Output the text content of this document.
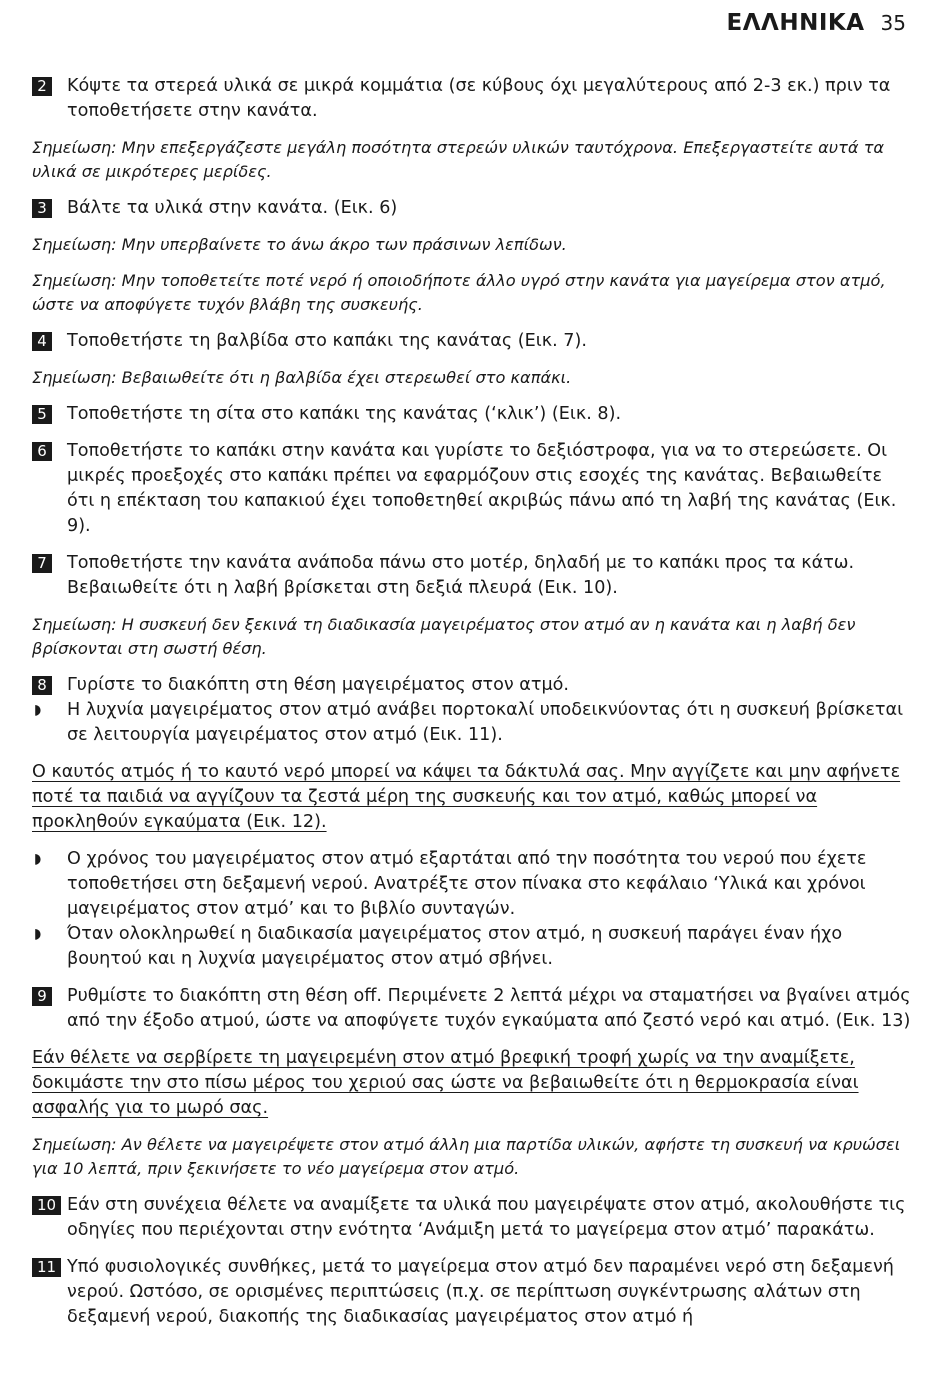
ΕΛΛΗΝΙΚΑ 35
2 Κόψτε τα στερεά υλικά σε μικρά κομμάτια (σε κύβους όχι μεγαλύτερους από 2-3 εκ.) πριν τα τοποθετήσετε στην κανάτα.
Σημείωση: Μην επεξεργάζεστε μεγάλη ποσότητα στερεών υλικών ταυτόχρονα. Επεξεργαστείτε αυτά τα υλικά σε μικρότερες μερίδες.
3 Βάλτε τα υλικά στην κανάτα. (Εικ. 6)
Σημείωση: Μην υπερβαίνετε το άνω άκρο των πράσινων λεπίδων.
Σημείωση: Μην τοποθετείτε ποτέ νερό ή οποιοδήποτε άλλο υγρό στην κανάτα για μαγείρεμα στον ατμό, ώστε να αποφύγετε τυχόν βλάβη της συσκευής.
4 Τοποθετήστε τη βαλβίδα στο καπάκι της κανάτας (Εικ. 7).
Σημείωση: Βεβαιωθείτε ότι η βαλβίδα έχει στερεωθεί στο καπάκι.
5 Τοποθετήστε τη σίτα στο καπάκι της κανάτας (‘κλικ’) (Εικ. 8).
6 Τοποθετήστε το καπάκι στην κανάτα και γυρίστε το δεξιόστροφα, για να το στερεώσετε. Οι μικρές προεξοχές στο καπάκι πρέπει να εφαρμόζουν στις εσοχές της κανάτας. Βεβαιωθείτε ότι η επέκταση του καπακιού έχει τοποθετηθεί ακριβώς πάνω από τη λαβή της κανάτας (Εικ. 9).
7 Τοποθετήστε την κανάτα ανάποδα πάνω στο μοτέρ, δηλαδή με το καπάκι προς τα κάτω. Βεβαιωθείτε ότι η λαβή βρίσκεται στη δεξιά πλευρά (Εικ. 10).
Σημείωση: Η συσκευή δεν ξεκινά τη διαδικασία μαγειρέματος στον ατμό αν η κανάτα και η λαβή δεν βρίσκονται στη σωστή θέση.
8 Γυρίστε το διακόπτη στη θέση μαγειρέματος στον ατμό.
◗ Η λυχνία μαγειρέματος στον ατμό ανάβει πορτοκαλί υποδεικνύοντας ότι η συσκευή βρίσκεται σε λειτουργία μαγειρέματος στον ατμό (Εικ. 11).
Ο καυτός ατμός ή το καυτό νερό μπορεί να κάψει τα δάκτυλά σας. Μην αγγίζετε και μην αφήνετε ποτέ τα παιδιά να αγγίζουν τα ζεστά μέρη της συσκευής και τον ατμό, καθώς μπορεί να προκληθούν εγκαύματα (Εικ. 12).
◗ Ο χρόνος του μαγειρέματος στον ατμό εξαρτάται από την ποσότητα του νερού που έχετε τοποθετήσει στη δεξαμενή νερού. Ανατρέξτε στον πίνακα στο κεφάλαιο ‘Υλικά και χρόνοι μαγειρέματος στον ατμό’ και το βιβλίο συνταγών.
◗ Όταν ολοκληρωθεί η διαδικασία μαγειρέματος στον ατμό, η συσκευή παράγει έναν ήχο βουητού και η λυχνία μαγειρέματος στον ατμό σβήνει.
9 Ρυθμίστε το διακόπτη στη θέση off. Περιμένετε 2 λεπτά μέχρι να σταματήσει να βγαίνει ατμός από την έξοδο ατμού, ώστε να αποφύγετε τυχόν εγκαύματα από ζεστό νερό και ατμό. (Εικ. 13)
Εάν θέλετε να σερβίρετε τη μαγειρεμένη στον ατμό βρεφική τροφή χωρίς να την αναμίξετε, δοκιμάστε την στο πίσω μέρος του χεριού σας ώστε να βεβαιωθείτε ότι η θερμοκρασία είναι ασφαλής για το μωρό σας.
Σημείωση: Αν θέλετε να μαγειρέψετε στον ατμό άλλη μια παρτίδα υλικών, αφήστε τη συσκευή να κρυώσει για 10 λεπτά, πριν ξεκινήσετε το νέο μαγείρεμα στον ατμό.
10 Εάν στη συνέχεια θέλετε να αναμίξετε τα υλικά που μαγειρέψατε στον ατμό, ακολουθήστε τις οδηγίες που περιέχονται στην ενότητα ‘Ανάμιξη μετά το μαγείρεμα στον ατμό’ παρακάτω.
11 Υπό φυσιολογικές συνθήκες, μετά το μαγείρεμα στον ατμό δεν παραμένει νερό στη δεξαμενή νερού. Ωστόσο, σε ορισμένες περιπτώσεις (π.χ. σε περίπτωση συγκέντρωσης αλάτων στη δεξαμενή νερού, διακοπής της διαδικασίας μαγειρέματος στον ατμό ή
